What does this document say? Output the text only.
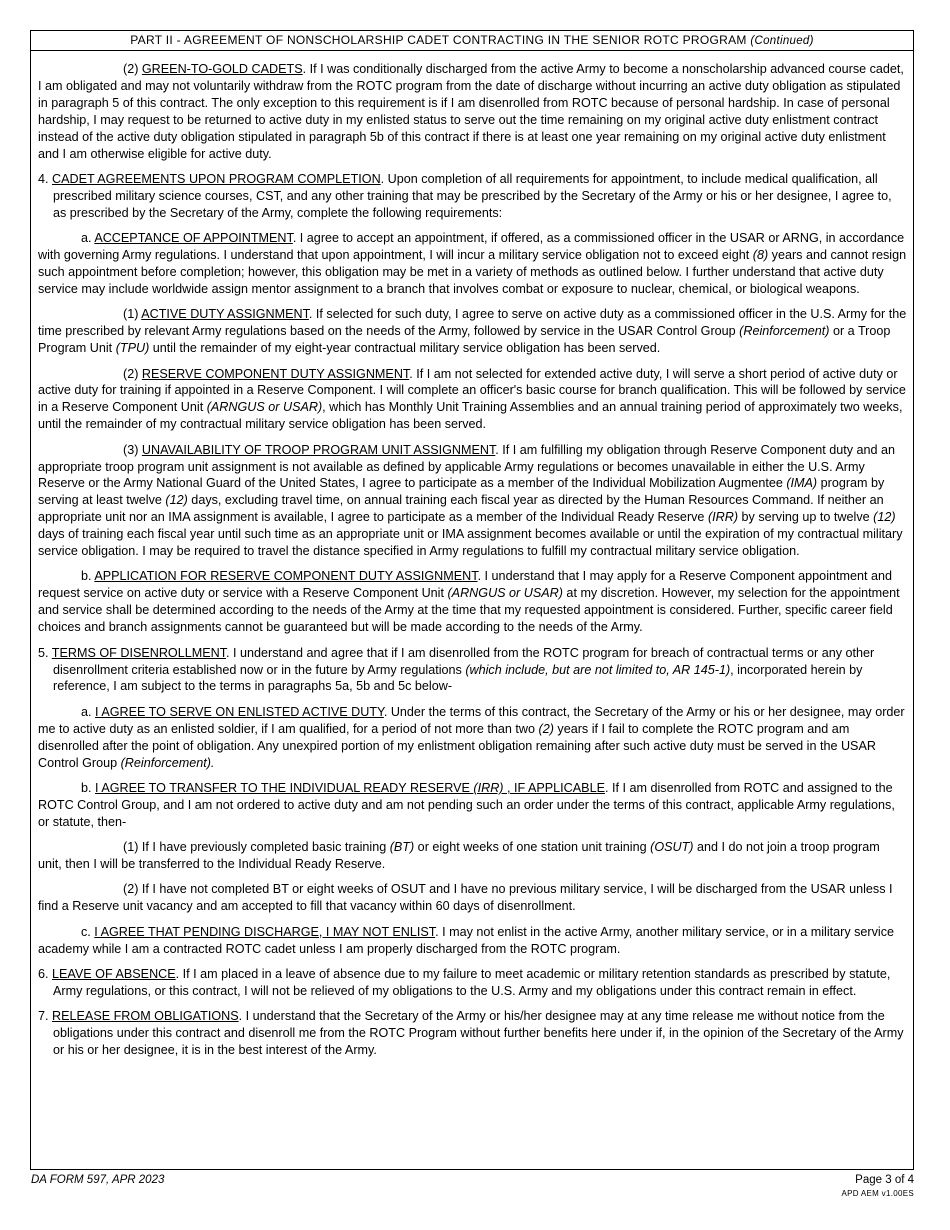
PART II - AGREEMENT OF NONSCHOLARSHIP CADET CONTRACTING IN THE SENIOR ROTC PROGRAM (Continued)

(2) GREEN-TO-GOLD CADETS. If I was conditionally discharged from the active Army to become a nonscholarship advanced course cadet, I am obligated and may not voluntarily withdraw from the ROTC program from the date of discharge without incurring an active duty obligation as stipulated in paragraph 5 of this contract. The only exception to this requirement is if I am disenrolled from ROTC because of personal hardship. In case of personal hardship, I may request to be returned to active duty in my enlisted status to serve out the time remaining on my original active duty enlistment contract instead of the active duty obligation stipulated in paragraph 5b of this contract if there is at least one year remaining on my original active duty enlistment and I am otherwise eligible for active duty.

4. CADET AGREEMENTS UPON PROGRAM COMPLETION. Upon completion of all requirements for appointment, to include medical qualification, all prescribed military science courses, CST, and any other training that may be prescribed by the Secretary of the Army or his or her designee, I agree to, as prescribed by the Secretary of the Army, complete the following requirements:

a. ACCEPTANCE OF APPOINTMENT. I agree to accept an appointment, if offered, as a commissioned officer in the USAR or ARNG, in accordance with governing Army regulations. I understand that upon appointment, I will incur a military service obligation not to exceed eight (8) years and cannot resign such appointment before completion; however, this obligation may be met in a variety of methods as outlined below. I further understand that active duty service may include worldwide assign mentor assignment to a branch that involves combat or exposure to nuclear, chemical, or biological weapons.

(1) ACTIVE DUTY ASSIGNMENT. If selected for such duty, I agree to serve on active duty as a commissioned officer in the U.S. Army for the time prescribed by relevant Army regulations based on the needs of the Army, followed by service in the USAR Control Group (Reinforcement) or a Troop Program Unit (TPU) until the remainder of my eight-year contractual military service obligation has been served.

(2) RESERVE COMPONENT DUTY ASSIGNMENT. If I am not selected for extended active duty, I will serve a short period of active duty or active duty for training if appointed in a Reserve Component. I will complete an officer's basic course for branch qualification. This will be followed by service in a Reserve Component Unit (ARNGUS or USAR), which has Monthly Unit Training Assemblies and an annual training period of approximately two weeks, until the remainder of my contractual military service obligation has been served.

(3) UNAVAILABILITY OF TROOP PROGRAM UNIT ASSIGNMENT. If I am fulfilling my obligation through Reserve Component duty and an appropriate troop program unit assignment is not available as defined by applicable Army regulations or becomes unavailable in either the U.S. Army Reserve or the Army National Guard of the United States, I agree to participate as a member of the Individual Mobilization Augmentee (IMA) program by serving at least twelve (12) days, excluding travel time, on annual training each fiscal year as directed by the Human Resources Command. If neither an appropriate unit nor an IMA assignment is available, I agree to participate as a member of the Individual Ready Reserve (IRR) by serving up to twelve (12) days of training each fiscal year until such time as an appropriate unit or IMA assignment becomes available or until the expiration of my contractual military service obligation. I may be required to travel the distance specified in Army regulations to fulfill my contractual military service obligation.

b. APPLICATION FOR RESERVE COMPONENT DUTY ASSIGNMENT. I understand that I may apply for a Reserve Component appointment and request service on active duty or service with a Reserve Component Unit (ARNGUS or USAR) at my discretion. However, my selection for the appointment and service shall be determined according to the needs of the Army at the time that my requested appointment is considered. Further, specific career field choices and branch assignments cannot be guaranteed but will be made according to the needs of the Army.

5. TERMS OF DISENROLLMENT. I understand and agree that if I am disenrolled from the ROTC program for breach of contractual terms or any other disenrollment criteria established now or in the future by Army regulations (which include, but are not limited to, AR 145-1), incorporated herein by reference, I am subject to the terms in paragraphs 5a, 5b and 5c below-

a. I AGREE TO SERVE ON ENLISTED ACTIVE DUTY. Under the terms of this contract, the Secretary of the Army or his or her designee, may order me to active duty as an enlisted soldier, if I am qualified, for a period of not more than two (2) years if I fail to complete the ROTC program and am disenrolled after the point of obligation. Any unexpired portion of my enlistment obligation remaining after such active duty must be served in the USAR Control Group (Reinforcement).

b. I AGREE TO TRANSFER TO THE INDIVIDUAL READY RESERVE (IRR) , IF APPLICABLE. If I am disenrolled from ROTC and assigned to the ROTC Control Group, and I am not ordered to active duty and am not pending such an order under the terms of this contract, applicable Army regulations, or statute, then-

(1) If I have previously completed basic training (BT) or eight weeks of one station unit training (OSUT) and I do not join a troop program unit, then I will be transferred to the Individual Ready Reserve.

(2) If I have not completed BT or eight weeks of OSUT and I have no previous military service, I will be discharged from the USAR unless I find a Reserve unit vacancy and am accepted to fill that vacancy within 60 days of disenrollment.

c. I AGREE THAT PENDING DISCHARGE, I MAY NOT ENLIST. I may not enlist in the active Army, another military service, or in a military service academy while I am a contracted ROTC cadet unless I am properly discharged from the ROTC program.

6. LEAVE OF ABSENCE. If I am placed in a leave of absence due to my failure to meet academic or military retention standards as prescribed by statute, Army regulations, or this contract, I will not be relieved of my obligations to the U.S. Army and my obligations under this contract remain in effect.

7. RELEASE FROM OBLIGATIONS. I understand that the Secretary of the Army or his/her designee may at any time release me without notice from the obligations under this contract and disenroll me from the ROTC Program without further benefits here under if, in the opinion of the Secretary of the Army or his or her designee, it is in the best interest of the Army.

DA FORM 597, APR 2023	Page 3 of 4
APD AEM v1.00ES
